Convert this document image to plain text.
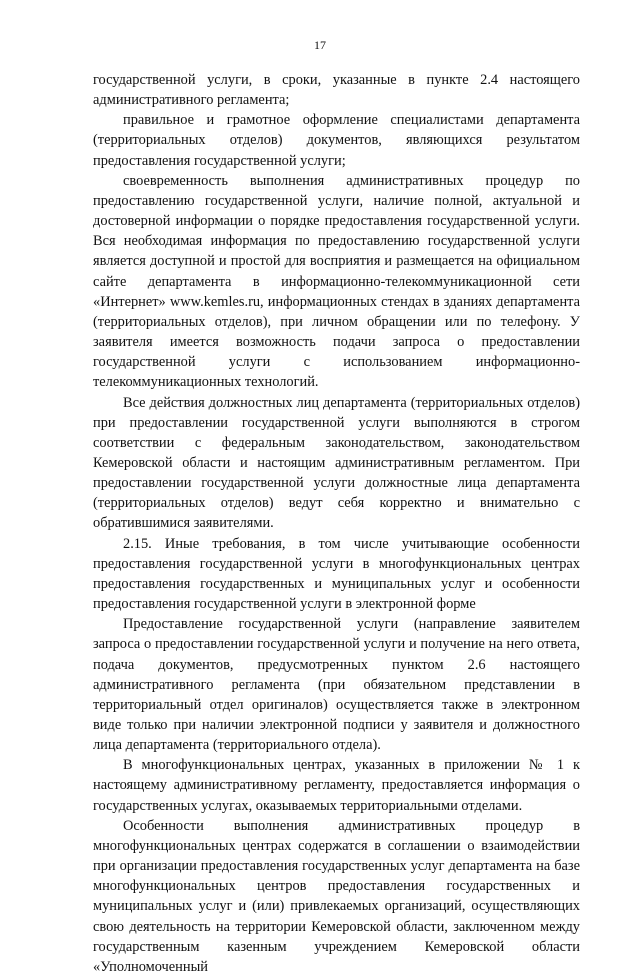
17

государственной услуги, в сроки, указанные в пункте 2.4 настоящего административного регламента;

правильное и грамотное оформление специалистами департамента (территориальных отделов) документов, являющихся результатом предоставления государственной услуги;

своевременность выполнения административных процедур по предоставлению государственной услуги, наличие полной, актуальной и достоверной информации о порядке предоставления государственной услуги. Вся необходимая информация по предоставлению государственной услуги является доступной и простой для восприятия и размещается на официальном сайте департамента в информационно-телекоммуникационной сети «Интернет» www.kemles.ru, информационных стендах в зданиях департамента (территориальных отделов), при личном обращении или по телефону. У заявителя имеется возможность подачи запроса о предоставлении государственной услуги с использованием информационно-телекоммуникационных технологий.

Все действия должностных лиц департамента (территориальных отделов) при предоставлении государственной услуги выполняются в строгом соответствии с федеральным законодательством, законодательством Кемеровской области и настоящим административным регламентом. При предоставлении государственной услуги должностные лица департамента (территориальных отделов) ведут себя корректно и внимательно с обратившимися заявителями.

2.15. Иные требования, в том числе учитывающие особенности предоставления государственной услуги в многофункциональных центрах предоставления государственных и муниципальных услуг и особенности предоставления государственной услуги в электронной форме

Предоставление государственной услуги (направление заявителем запроса о предоставлении государственной услуги и получение на него ответа, подача документов, предусмотренных пунктом 2.6 настоящего административного регламента (при обязательном представлении в территориальный отдел оригиналов) осуществляется также в электронном виде только при наличии электронной подписи у заявителя и должностного лица департамента (территориального отдела).

В многофункциональных центрах, указанных в приложении № 1 к настоящему административному регламенту, предоставляется информация о государственных услугах, оказываемых территориальными отделами.

Особенности выполнения административных процедур в многофункциональных центрах содержатся в соглашении о взаимодействии при организации предоставления государственных услуг департамента на базе многофункциональных центров предоставления государственных и муниципальных услуг и (или) привлекаемых организаций, осуществляющих свою деятельность на территории Кемеровской области, заключенном между государственным казенным учреждением Кемеровской области «Уполномоченный
